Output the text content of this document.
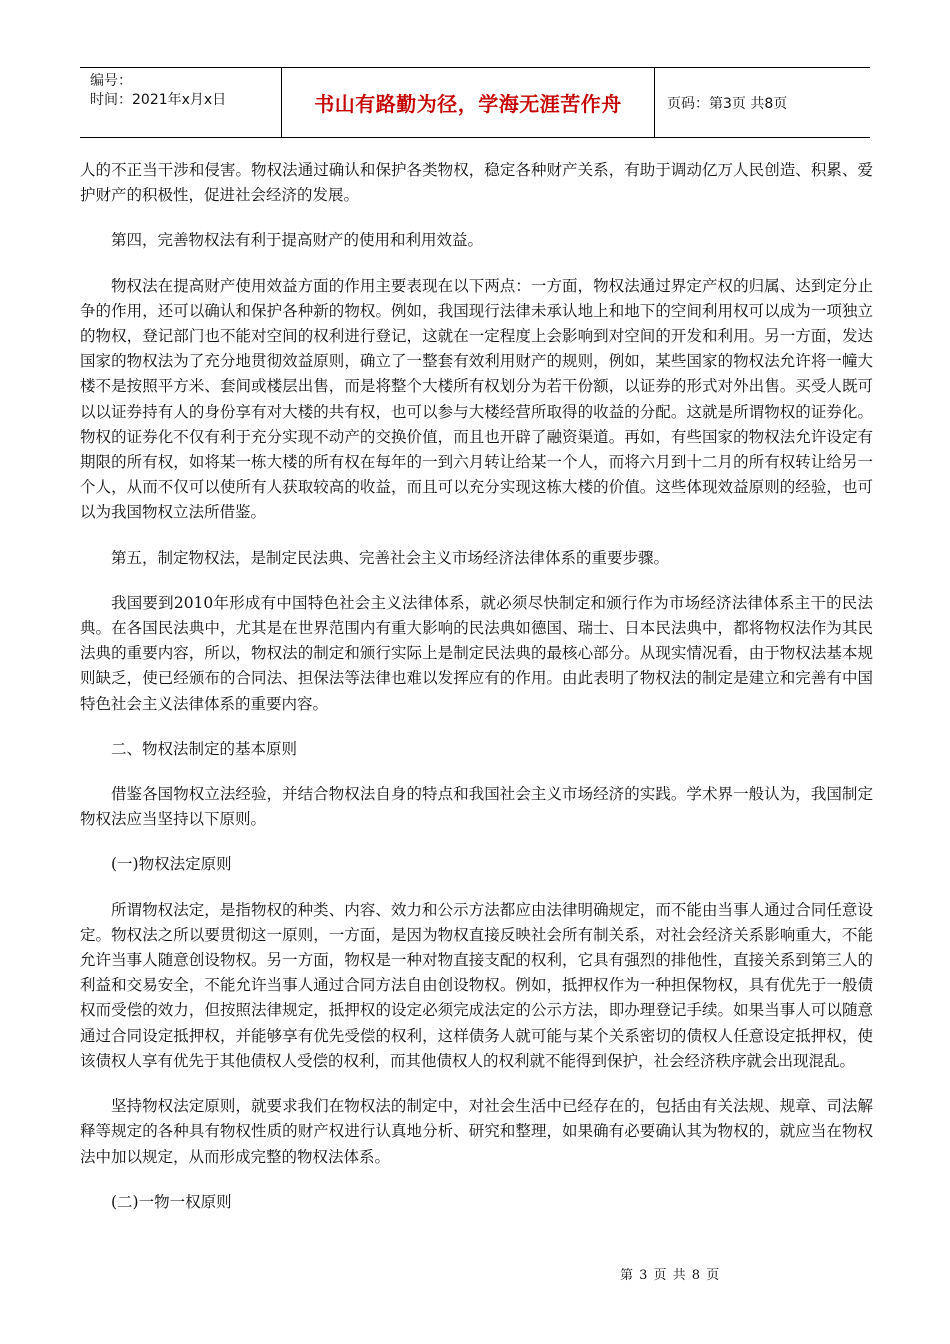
编号：
时间：2021年x月x日	书山有路勤为径，学海无涯苦作舟	页码：第3页 共8页

人的不正当干涉和侵害。物权法通过确认和保护各类物权，稳定各种财产关系，有助于调动亿万人民创造、积累、爱护财产的积极性，促进社会经济的发展。

第四，完善物权法有利于提高财产的使用和利用效益。

物权法在提高财产使用效益方面的作用主要表现在以下两点：一方面，物权法通过界定产权的归属、达到定分止争的作用，还可以确认和保护各种新的物权。例如，我国现行法律未承认地上和地下的空间利用权可以成为一项独立的物权，登记部门也不能对空间的权利进行登记，这就在一定程度上会影响到对空间的开发和利用。另一方面，发达国家的物权法为了充分地贯彻效益原则，确立了一整套有效利用财产的规则，例如，某些国家的物权法允许将一幢大楼不是按照平方米、套间或楼层出售，而是将整个大楼所有权划分为若干份额，以证券的形式对外出售。买受人既可以以证券持有人的身份享有对大楼的共有权，也可以参与大楼经营所取得的收益的分配。这就是所谓物权的证券化。物权的证券化不仅有利于充分实现不动产的交换价值，而且也开辟了融资渠道。再如，有些国家的物权法允许设定有期限的所有权，如将某一栋大楼的所有权在每年的一到六月转让给某一个人，而将六月到十二月的所有权转让给另一个人，从而不仅可以使所有人获取较高的收益，而且可以充分实现这栋大楼的价值。这些体现效益原则的经验，也可以为我国物权立法所借鉴。

第五，制定物权法，是制定民法典、完善社会主义市场经济法律体系的重要步骤。

我国要到2010年形成有中国特色社会主义法律体系，就必须尽快制定和颁行作为市场经济法律体系主干的民法典。在各国民法典中，尤其是在世界范围内有重大影响的民法典如德国、瑞士、日本民法典中，都将物权法作为其民法典的重要内容，所以，物权法的制定和颁行实际上是制定民法典的最核心部分。从现实情况看，由于物权法基本规则缺乏，使已经颁布的合同法、担保法等法律也难以发挥应有的作用。由此表明了物权法的制定是建立和完善有中国特色社会主义法律体系的重要内容。

二、物权法制定的基本原则

借鉴各国物权立法经验，并结合物权法自身的特点和我国社会主义市场经济的实践。学术界一般认为，我国制定物权法应当坚持以下原则。

(一)物权法定原则

所谓物权法定，是指物权的种类、内容、效力和公示方法都应由法律明确规定，而不能由当事人通过合同任意设定。物权法之所以要贯彻这一原则，一方面，是因为物权直接反映社会所有制关系，对社会经济关系影响重大，不能允许当事人随意创设物权。另一方面，物权是一种对物直接支配的权利，它具有强烈的排他性，直接关系到第三人的利益和交易安全，不能允许当事人通过合同方法自由创设物权。例如，抵押权作为一种担保物权，具有优先于一般债权而受偿的效力，但按照法律规定，抵押权的设定必须完成法定的公示方法，即办理登记手续。如果当事人可以随意通过合同设定抵押权，并能够享有优先受偿的权利，这样债务人就可能与某个关系密切的债权人任意设定抵押权，使该债权人享有优先于其他债权人受偿的权利，而其他债权人的权利就不能得到保护，社会经济秩序就会出现混乱。

坚持物权法定原则，就要求我们在物权法的制定中，对社会生活中已经存在的，包括由有关法规、规章、司法解释等规定的各种具有物权性质的财产权进行认真地分析、研究和整理，如果确有必要确认其为物权的，就应当在物权法中加以规定，从而形成完整的物权法体系。

(二)一物一权原则

第 3 页 共 8 页
